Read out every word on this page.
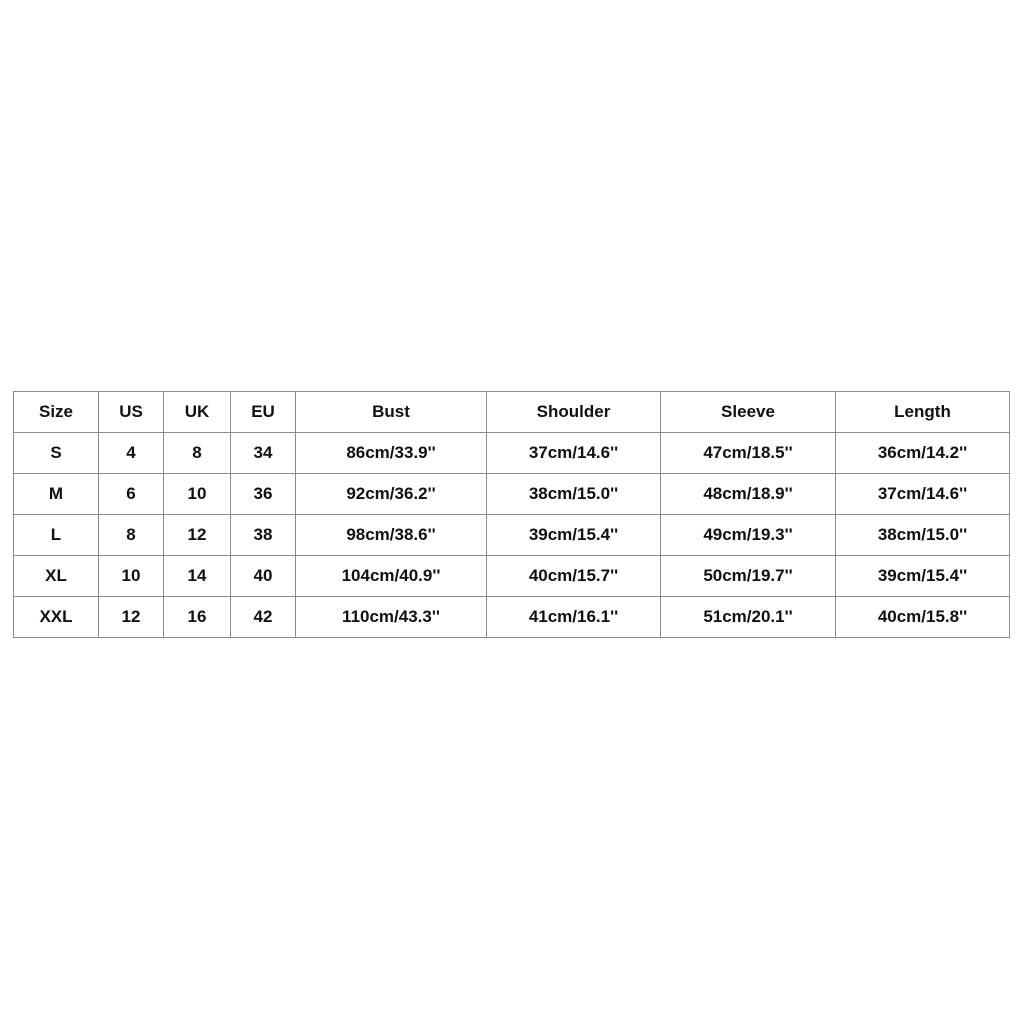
Size	US	UK	EU	Bust	Shoulder	Sleeve	Length
S	4	8	34	86cm/33.9''	37cm/14.6''	47cm/18.5''	36cm/14.2''
M	6	10	36	92cm/36.2''	38cm/15.0''	48cm/18.9''	37cm/14.6''
L	8	12	38	98cm/38.6''	39cm/15.4''	49cm/19.3''	38cm/15.0''
XL	10	14	40	104cm/40.9''	40cm/15.7''	50cm/19.7''	39cm/15.4''
XXL	12	16	42	110cm/43.3''	41cm/16.1''	51cm/20.1''	40cm/15.8''
